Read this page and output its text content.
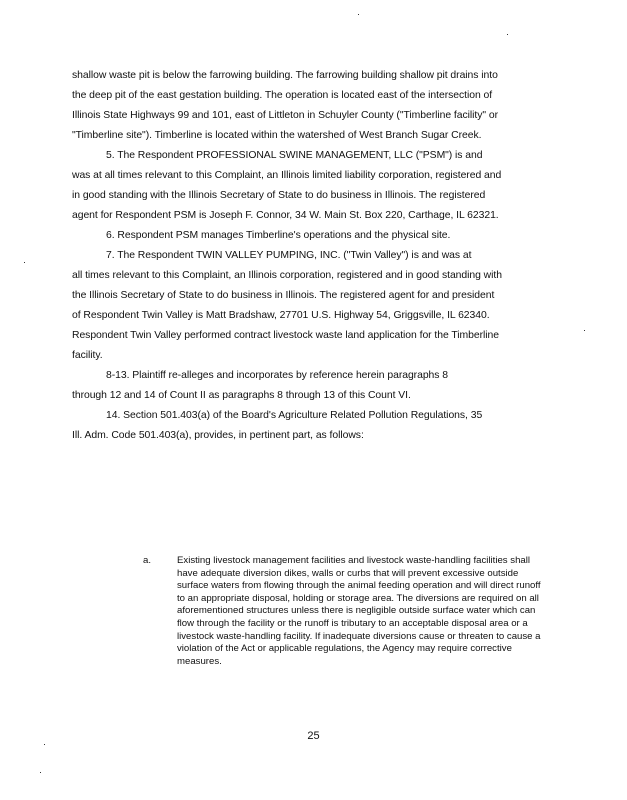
shallow waste pit is below the farrowing building. The farrowing building shallow pit drains into
the deep pit of the east gestation building. The operation is located east of the intersection of
Illinois State Highways 99 and 101, east of Littleton in Schuyler County ("Timberline facility" or
"Timberline site"). Timberline is located within the watershed of West Branch Sugar Creek.
5. The Respondent PROFESSIONAL SWINE MANAGEMENT, LLC ("PSM") is and
was at all times relevant to this Complaint, an Illinois limited liability corporation, registered and
in good standing with the Illinois Secretary of State to do business in Illinois. The registered
agent for Respondent PSM is Joseph F. Connor, 34 W. Main St. Box 220, Carthage, IL 62321.
6. Respondent PSM manages Timberline's operations and the physical site.
7. The Respondent TWIN VALLEY PUMPING, INC. ("Twin Valley") is and was at
all times relevant to this Complaint, an Illinois corporation, registered and in good standing with
the Illinois Secretary of State to do business in Illinois. The registered agent for and president
of Respondent Twin Valley is Matt Bradshaw, 27701 U.S. Highway 54, Griggsville, IL 62340.
Respondent Twin Valley performed contract livestock waste land application for the Timberline
facility.
8-13. Plaintiff re-alleges and incorporates by reference herein paragraphs 8
through 12 and 14 of Count II as paragraphs 8 through 13 of this Count VI.
14. Section 501.403(a) of the Board's Agriculture Related Pollution Regulations, 35
Ill. Adm. Code 501.403(a), provides, in pertinent part, as follows:
a.	Existing livestock management facilities and livestock waste-handling facilities shall have adequate diversion dikes, walls or curbs that will prevent excessive outside surface waters from flowing through the animal feeding operation and will direct runoff to an appropriate disposal, holding or storage area. The diversions are required on all aforementioned structures unless there is negligible outside surface water which can flow through the facility or the runoff is tributary to an acceptable disposal area or a livestock waste-handling facility. If inadequate diversions cause or threaten to cause a violation of the Act or applicable regulations, the Agency may require corrective measures.

25
